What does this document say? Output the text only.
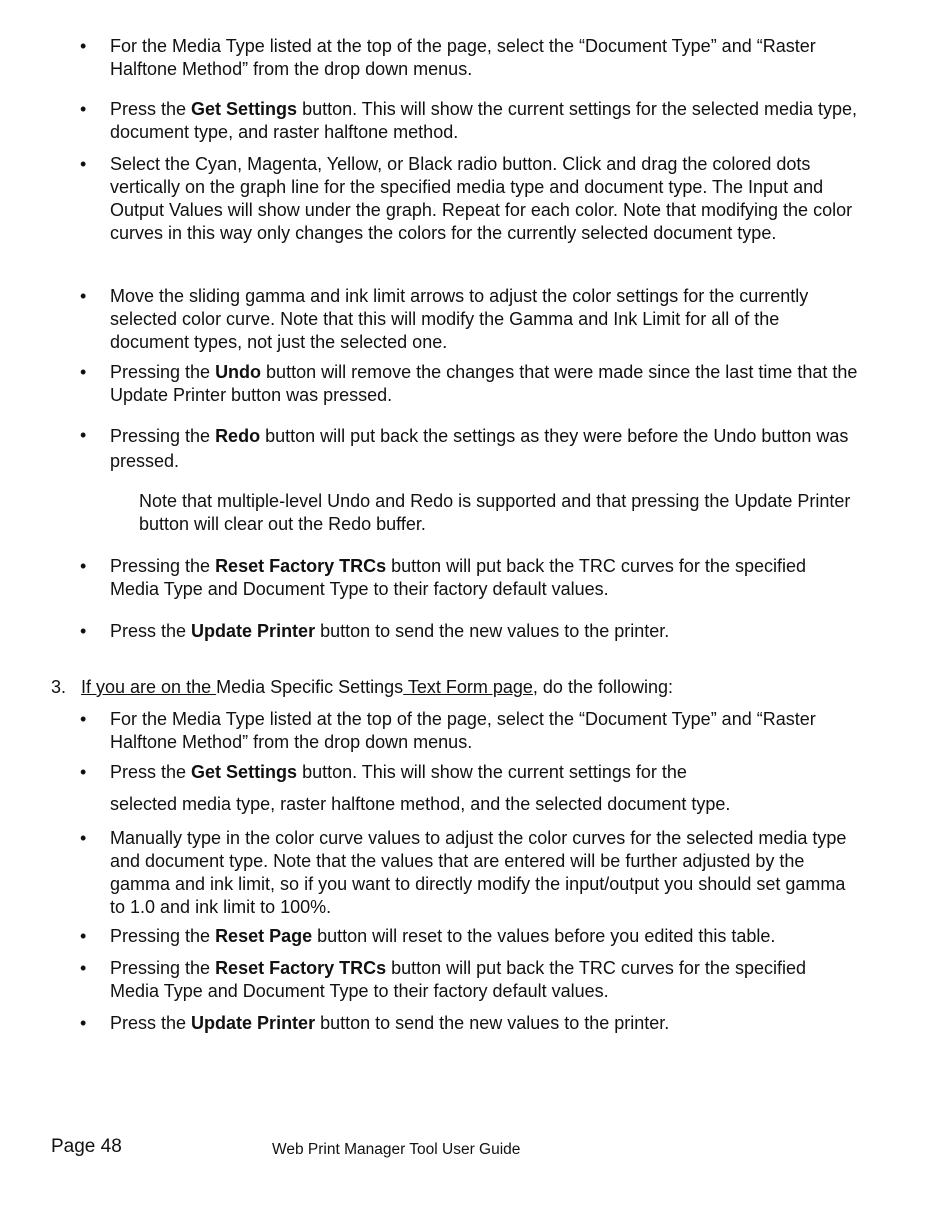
• For the Media Type listed at the top of the page, select the “Document Type” and “Raster Halftone Method” from the drop down menus.
• Press the Get Settings button. This will show the current settings for the selected media type, document type, and raster halftone method.
• Select the Cyan, Magenta, Yellow, or Black radio button. Click and drag the colored dots vertically on the graph line for the specified media type and document type. The Input and Output Values will show under the graph. Repeat for each color. Note that modifying the color curves in this way only changes the colors for the currently selected document type.
• Move the sliding gamma and ink limit arrows to adjust the color settings for the currently selected color curve. Note that this will modify the Gamma and Ink Limit for all of the document types, not just the selected one.
• Pressing the Undo button will remove the changes that were made since the last time that the Update Printer button was pressed.
• Pressing the Redo button will put back the settings as they were before the Undo button was pressed.
Note that multiple-level Undo and Redo is supported and that pressing the Update Printer button will clear out the Redo buffer.
• Pressing the Reset Factory TRCs button will put back the TRC curves for the specified Media Type and Document Type to their factory default values.
• Press the Update Printer button to send the new values to the printer.
3. If you are on the Media Specific Settings Text Form page, do the following:
• For the Media Type listed at the top of the page, select the “Document Type” and “Raster Halftone Method” from the drop down menus.
• Press the Get Settings button. This will show the current settings for the
selected media type, raster halftone method, and the selected document type.
• Manually type in the color curve values to adjust the color curves for the selected media type and document type. Note that the values that are entered will be further adjusted by the gamma and ink limit, so if you want to directly modify the input/output you should set gamma to 1.0 and ink limit to 100%.
• Pressing the Reset Page button will reset to the values before you edited this table.
• Pressing the Reset Factory TRCs button will put back the TRC curves for the specified Media Type and Document Type to their factory default values.
• Press the Update Printer button to send the new values to the printer.
Page 48	Web Print Manager Tool User Guide
